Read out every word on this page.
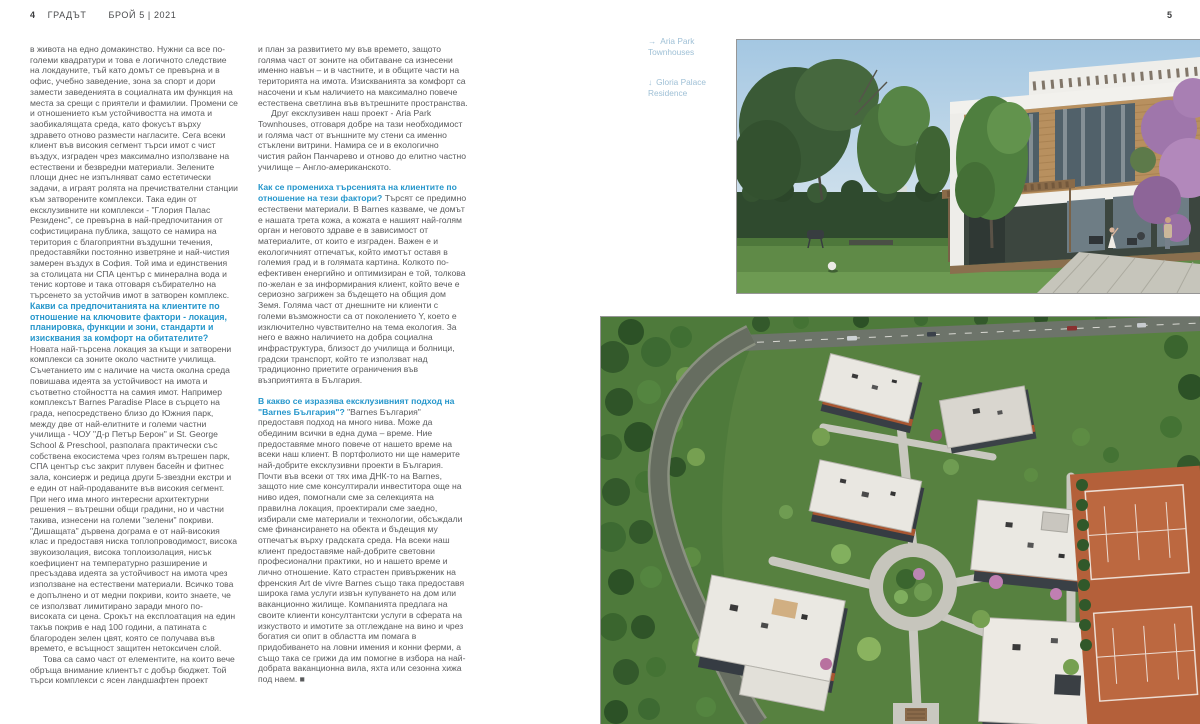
4 ГРАДЪТ БРОЙ 5 | 2021	5

в живота на едно домакинство. Нужни са все по-големи квадратури и това е логичното следствие на локдауните, тъй като домът се превърна и в офис, учебно заведение, зона за спорт и дори замести заведенията в социалната им функция на места за срещи с приятели и фамилии. Промени се и отношението към устойчивостта на имота и заобикалящата среда, като фокусът върху здравето отново размести нагласите. Сега всеки клиент във високия сегмент търси имот с чист въздух, изграден чрез максимално използване на естествени и безвредни материали. Зелените площи днес не изпълняват само естетически задачи, а играят ролята на пречиствателни станции към затворените комплекси. Така един от ексклузивните ни комплекси - "Глория Палас Резиденс", се превърна в най-предпочитания от софистицирана публика, защото се намира на територия с благоприятни въздушни течения, предоставяйки постоянно изветряне и най-чистия замерен въздух в София. Той има и единствения за столицата ни СПА център с минерална вода и тенис кортове и така отговаря събирателно на търсенето за устойчив имот в затворен комплекс.

Какви са предпочитанията на клиентите по отношение на ключовите фактори - локация, планировка, функции и зони, стандарти и изисквания за комфорт на обитателите?

Новата най-търсена локация за къщи и затворени комплекси са зоните около частните училища. Съчетанието им с наличие на чиста околна среда повишава идеята за устойчивост на имота и съответно стойността на самия имот. Например комплексът Barnes Paradise Place в сърцето на града, непосредствено близо до Южния парк, между две от най-елитните и големи частни училища - ЧОУ "Д-р Петър Берон" и St. George School & Preschool, разполага практически със собствена екосистема чрез голям вътрешен парк, СПА център със закрит плувен басейн и фитнес зала, консиерж и редица други 5-звездни екстри и е един от най-продаваните във високия сегмент. При него има много интересни архитектурни решения – вътрешни общи градини, но и частни такива, изнесени на големи "зелени" покриви. "Дишащата" дървена дограма е от най-високия клас и предоставя ниска топлопроводимост, висока звукоизолация, висока топлоизолация, нисък коефициент на температурно разширение и пресъздава идеята за устойчивост на имота чрез използване на естествени материали. Всичко това е допълнено и от медни покриви, които знаете, че се използват лимитирано заради много по-високата си цена. Срокът на експлоатация на един такъв покрив е над 100 години, а патината с благороден зелен цвят, която се получава във времето, е всъщност защитен нетоксичен слой.

Това са само част от елементите, на които вече обръща внимание клиентът с добър бюджет. Той търси комплекси с ясен ландшафтен проект

и план за развитието му във времето, защото голяма част от зоните на обитаване са изнесени именно навън – и в частните, и в общите части на територията на имота. Изискванията за комфорт са насочени и към наличието на максимално повече естествена светлина във вътрешните пространства.

Друг ексклузивен наш проект - Aria Park Townhouses, отговаря добре на тази необходимост и голяма част от външните му стени са именно стъклени витрини. Намира се и в екологично чистия район Панчарево и отново до елитно частно училище – Англо-американското.

Как се промениха търсенията на клиентите по отношение на тези фактори? Търсят се предимно естествени материали. В Barnes казваме, че домът е нашата трета кожа, а кожата е нашият най-голям орган и неговото здраве е в зависимост от материалите, от които е изграден. Важен е и екологичният отпечатък, който имотът оставя в големия град и в голямата картина. Колкото по-ефективен енергийно и оптимизиран е той, толкова по-желан е за информирания клиент, който вече е сериозно загрижен за бъдещето на общия дом Земя. Голяма част от днешните ни клиенти с големи възможности са от поколението Y, което е изключително чувствително на тема екология. За него е важно наличието на добра социална инфраструктура, близост до училища и болници, градски транспорт, който те използват над традиционно приетите ограничения във възприятията в България.

В какво се изразява ексклузивният подход на "Barnes България"? "Barnes България" предоставя подход на много нива. Може да обединим всички в една дума – време. Ние предоставяме много повече от нашето време на всеки наш клиент. В портфолиото ни ще намерите най-добрите ексклузивни проекти в България. Почти във всеки от тях има ДНК-то на Barnes, защото ние сме консултирали инвеститора още на ниво идея, помогнали сме за селекцията на правилна локация, проектирали сме заедно, избирали сме материали и технологии, обсъждали сме финансирането на обекта и бъдещия му отпечатък върху градската среда. На всеки наш клиент предоставяме най-добрите световни професионални практики, но и нашето време и лично отношение. Като страстен привърженик на френския Art de vivre Barnes също така предоставя широка гама услуги извън купуването на дом или ваканционно жилище. Компанията предлага на своите клиенти консултантски услуги в сферата на изкуството и имотите за отглеждане на вино и чрез богатия си опит в областта им помага в придобиването на ловни имения и конни ферми, а също така се грижи да им помогне в избора на най-добрата ваканционна вила, яхта или сезонна хижа под наем. ■

→ Aria Park Townhouses

↓ Gloria Palace Residence
